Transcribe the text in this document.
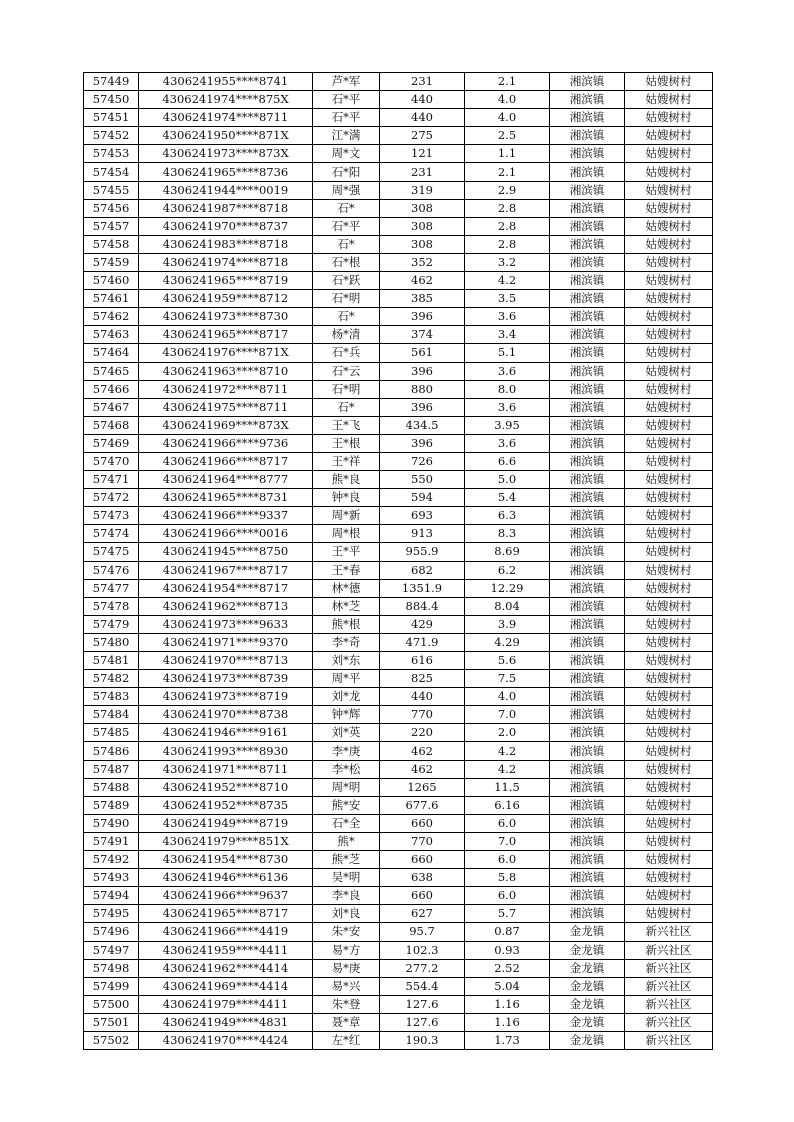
57449	4306241955****8741	芦*军	231	2.1	湘滨镇	姑嫂树村
57450	4306241974****875X	石*平	440	4.0	湘滨镇	姑嫂树村
57451	4306241974****8711	石*平	440	4.0	湘滨镇	姑嫂树村
57452	4306241950****871X	江*满	275	2.5	湘滨镇	姑嫂树村
57453	4306241973****873X	周*文	121	1.1	湘滨镇	姑嫂树村
57454	4306241965****8736	石*阳	231	2.1	湘滨镇	姑嫂树村
57455	4306241944****0019	周*强	319	2.9	湘滨镇	姑嫂树村
57456	4306241987****8718	石*	308	2.8	湘滨镇	姑嫂树村
57457	4306241970****8737	石*平	308	2.8	湘滨镇	姑嫂树村
57458	4306241983****8718	石*	308	2.8	湘滨镇	姑嫂树村
57459	4306241974****8718	石*根	352	3.2	湘滨镇	姑嫂树村
57460	4306241965****8719	石*跃	462	4.2	湘滨镇	姑嫂树村
57461	4306241959****8712	石*明	385	3.5	湘滨镇	姑嫂树村
57462	4306241973****8730	石*	396	3.6	湘滨镇	姑嫂树村
57463	4306241965****8717	杨*清	374	3.4	湘滨镇	姑嫂树村
57464	4306241976****871X	石*兵	561	5.1	湘滨镇	姑嫂树村
57465	4306241963****8710	石*云	396	3.6	湘滨镇	姑嫂树村
57466	4306241972****8711	石*明	880	8.0	湘滨镇	姑嫂树村
57467	4306241975****8711	石*	396	3.6	湘滨镇	姑嫂树村
57468	4306241969****873X	王*飞	434.5	3.95	湘滨镇	姑嫂树村
57469	4306241966****9736	王*根	396	3.6	湘滨镇	姑嫂树村
57470	4306241966****8717	王*祥	726	6.6	湘滨镇	姑嫂树村
57471	4306241964****8777	熊*良	550	5.0	湘滨镇	姑嫂树村
57472	4306241965****8731	钟*良	594	5.4	湘滨镇	姑嫂树村
57473	4306241966****9337	周*新	693	6.3	湘滨镇	姑嫂树村
57474	4306241966****0016	周*根	913	8.3	湘滨镇	姑嫂树村
57475	4306241945****8750	王*平	955.9	8.69	湘滨镇	姑嫂树村
57476	4306241967****8717	王*春	682	6.2	湘滨镇	姑嫂树村
57477	4306241954****8717	林*德	1351.9	12.29	湘滨镇	姑嫂树村
57478	4306241962****8713	林*芝	884.4	8.04	湘滨镇	姑嫂树村
57479	4306241973****9633	熊*根	429	3.9	湘滨镇	姑嫂树村
57480	4306241971****9370	李*奇	471.9	4.29	湘滨镇	姑嫂树村
57481	4306241970****8713	刘*东	616	5.6	湘滨镇	姑嫂树村
57482	4306241973****8739	周*平	825	7.5	湘滨镇	姑嫂树村
57483	4306241973****8719	刘*龙	440	4.0	湘滨镇	姑嫂树村
57484	4306241970****8738	钟*辉	770	7.0	湘滨镇	姑嫂树村
57485	4306241946****9161	刘*英	220	2.0	湘滨镇	姑嫂树村
57486	4306241993****8930	李*庚	462	4.2	湘滨镇	姑嫂树村
57487	4306241971****8711	李*松	462	4.2	湘滨镇	姑嫂树村
57488	4306241952****8710	周*明	1265	11.5	湘滨镇	姑嫂树村
57489	4306241952****8735	熊*安	677.6	6.16	湘滨镇	姑嫂树村
57490	4306241949****8719	石*全	660	6.0	湘滨镇	姑嫂树村
57491	4306241979****851X	熊*	770	7.0	湘滨镇	姑嫂树村
57492	4306241954****8730	熊*芝	660	6.0	湘滨镇	姑嫂树村
57493	4306241946****6136	吴*明	638	5.8	湘滨镇	姑嫂树村
57494	4306241966****9637	李*良	660	6.0	湘滨镇	姑嫂树村
57495	4306241965****8717	刘*良	627	5.7	湘滨镇	姑嫂树村
57496	4306241966****4419	朱*安	95.7	0.87	金龙镇	新兴社区
57497	4306241959****4411	易*方	102.3	0.93	金龙镇	新兴社区
57498	4306241962****4414	易*庚	277.2	2.52	金龙镇	新兴社区
57499	4306241969****4414	易*兴	554.4	5.04	金龙镇	新兴社区
57500	4306241979****4411	朱*登	127.6	1.16	金龙镇	新兴社区
57501	4306241949****4831	聂*章	127.6	1.16	金龙镇	新兴社区
57502	4306241970****4424	左*红	190.3	1.73	金龙镇	新兴社区
